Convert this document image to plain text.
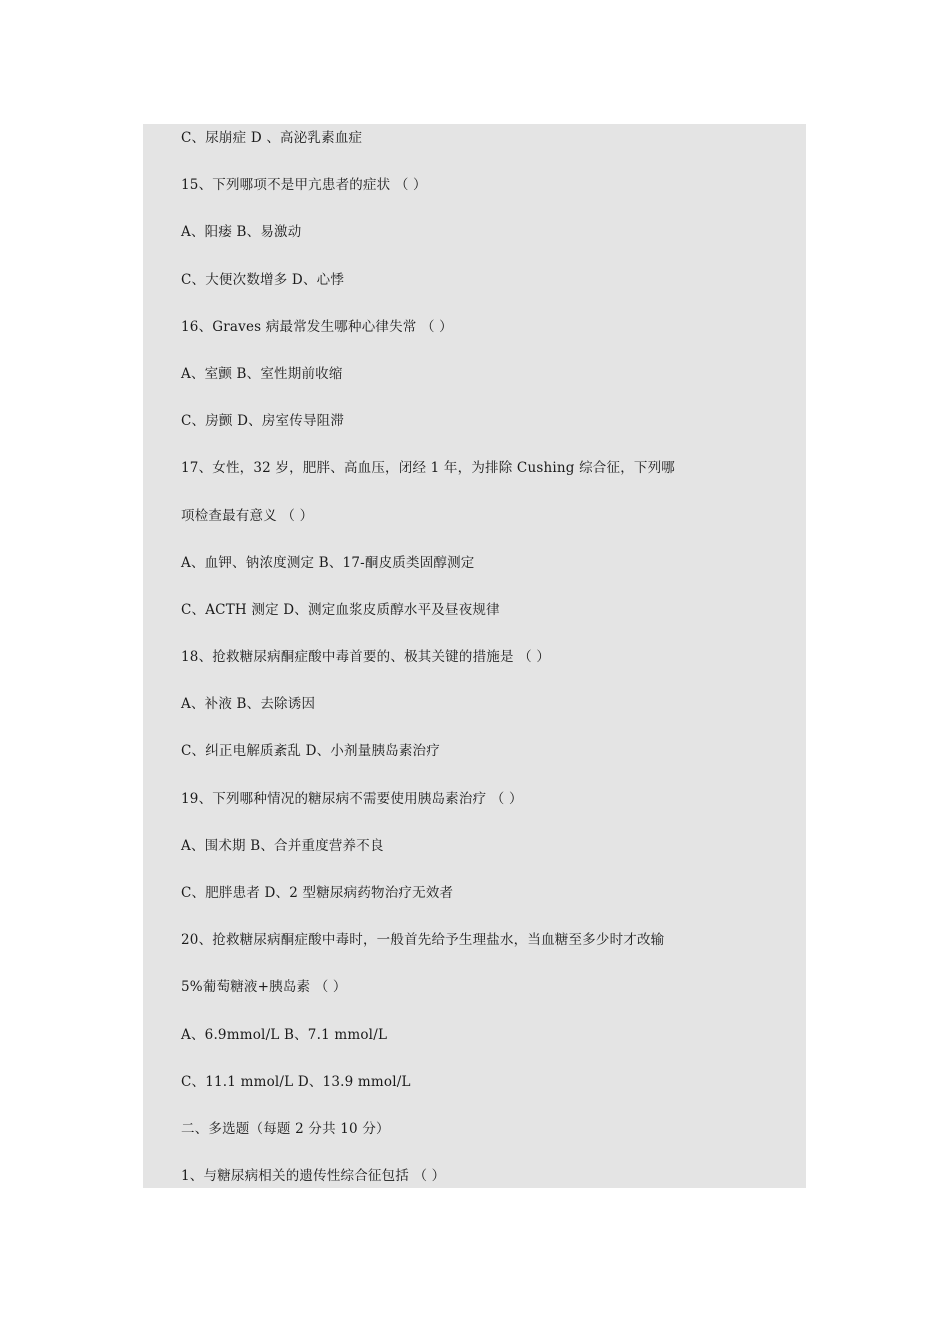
C、尿崩症 D 、高泌乳素血症
15、下列哪项不是甲亢患者的症状 （ ）
A、阳痿 B、易激动
C、大便次数增多 D、心悸
16、Graves 病最常发生哪种心律失常 （ ）
A、室颤 B、室性期前收缩
C、房颤 D、房室传导阻滞
17、女性，32 岁，肥胖、高血压，闭经 1 年，为排除 Cushing 综合征，下列哪
项检查最有意义 （ ）
A、血钾、钠浓度测定 B、17-酮皮质类固醇测定
C、ACTH 测定 D、测定血浆皮质醇水平及昼夜规律
18、抢救糖尿病酮症酸中毒首要的、极其关键的措施是 （ ）
A、补液 B、去除诱因
C、纠正电解质紊乱 D、小剂量胰岛素治疗
19、下列哪种情况的糖尿病不需要使用胰岛素治疗 （ ）
A、围术期 B、合并重度营养不良
C、肥胖患者 D、2 型糖尿病药物治疗无效者
20、抢救糖尿病酮症酸中毒时，一般首先给予生理盐水，当血糖至多少时才改输
5%葡萄糖液+胰岛素 （ ）
A、6.9mmol/L B、7.1 mmol/L
C、11.1 mmol/L D、13.9 mmol/L
二、多选题（每题 2 分共 10 分）
1、与糖尿病相关的遗传性综合征包括 （ ）
